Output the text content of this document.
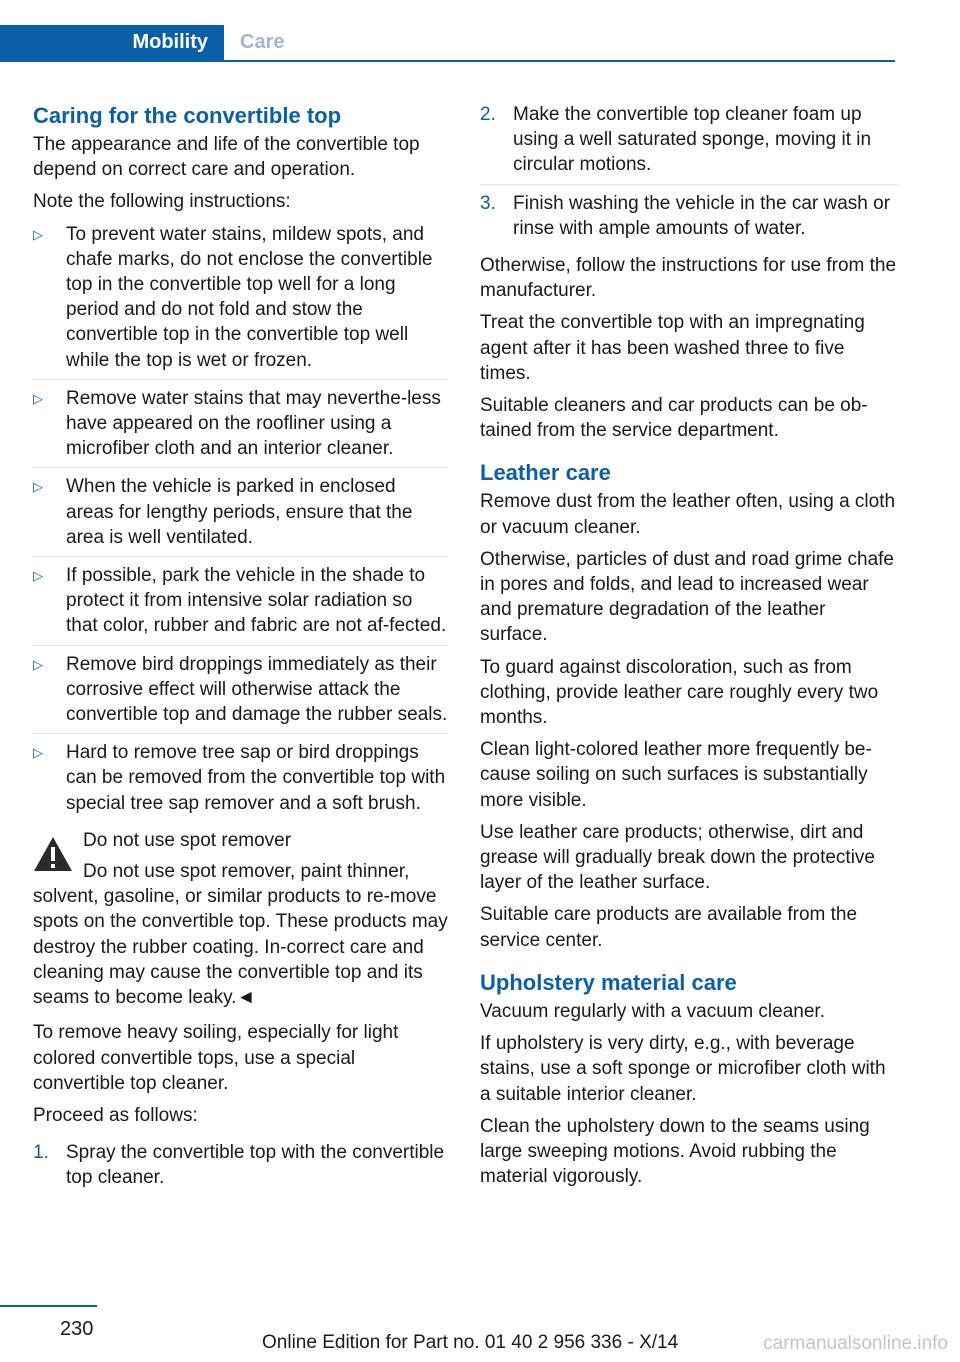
Mobility	Care
Caring for the convertible top

The appearance and life of the convertible top depend on correct care and operation.

Note the following instructions:

▷ To prevent water stains, mildew spots, and chafe marks, do not enclose the convertible top in the convertible top well for a long period and do not fold and stow the convertible top in the convertible top well while the top is wet or frozen.
▷ Remove water stains that may neverthe-less have appeared on the roofliner using a microfiber cloth and an interior cleaner.
▷ When the vehicle is parked in enclosed areas for lengthy periods, ensure that the area is well ventilated.
▷ If possible, park the vehicle in the shade to protect it from intensive solar radiation so that color, rubber and fabric are not af-fected.
▷ Remove bird droppings immediately as their corrosive effect will otherwise attack the convertible top and damage the rubber seals.
▷ Hard to remove tree sap or bird droppings can be removed from the convertible top with special tree sap remover and a soft brush.

Do not use spot remover

Do not use spot remover, paint thinner, solvent, gasoline, or similar products to re-move spots on the convertible top. These products may destroy the rubber coating. In-correct care and cleaning may cause the convertible top and its seams to become leaky.◄

To remove heavy soiling, especially for light colored convertible tops, use a special convertible top cleaner.

Proceed as follows:

1. Spray the convertible top with the convertible top cleaner.
2. Make the convertible top cleaner foam up using a well saturated sponge, moving it in circular motions.
3. Finish washing the vehicle in the car wash or rinse with ample amounts of water.

Otherwise, follow the instructions for use from the manufacturer.

Treat the convertible top with an impregnating agent after it has been washed three to five times.

Suitable cleaners and car products can be ob-tained from the service department.

Leather care

Remove dust from the leather often, using a cloth or vacuum cleaner.

Otherwise, particles of dust and road grime chafe in pores and folds, and lead to increased wear and premature degradation of the leather surface.

To guard against discoloration, such as from clothing, provide leather care roughly every two months.

Clean light-colored leather more frequently be-cause soiling on such surfaces is substantially more visible.

Use leather care products; otherwise, dirt and grease will gradually break down the protective layer of the leather surface.

Suitable care products are available from the service center.

Upholstery material care

Vacuum regularly with a vacuum cleaner.

If upholstery is very dirty, e.g., with beverage stains, use a soft sponge or microfiber cloth with a suitable interior cleaner.

Clean the upholstery down to the seams using large sweeping motions. Avoid rubbing the material vigorously.

230
Online Edition for Part no. 01 40 2 956 336 - X/14	carmanualsonline.info
